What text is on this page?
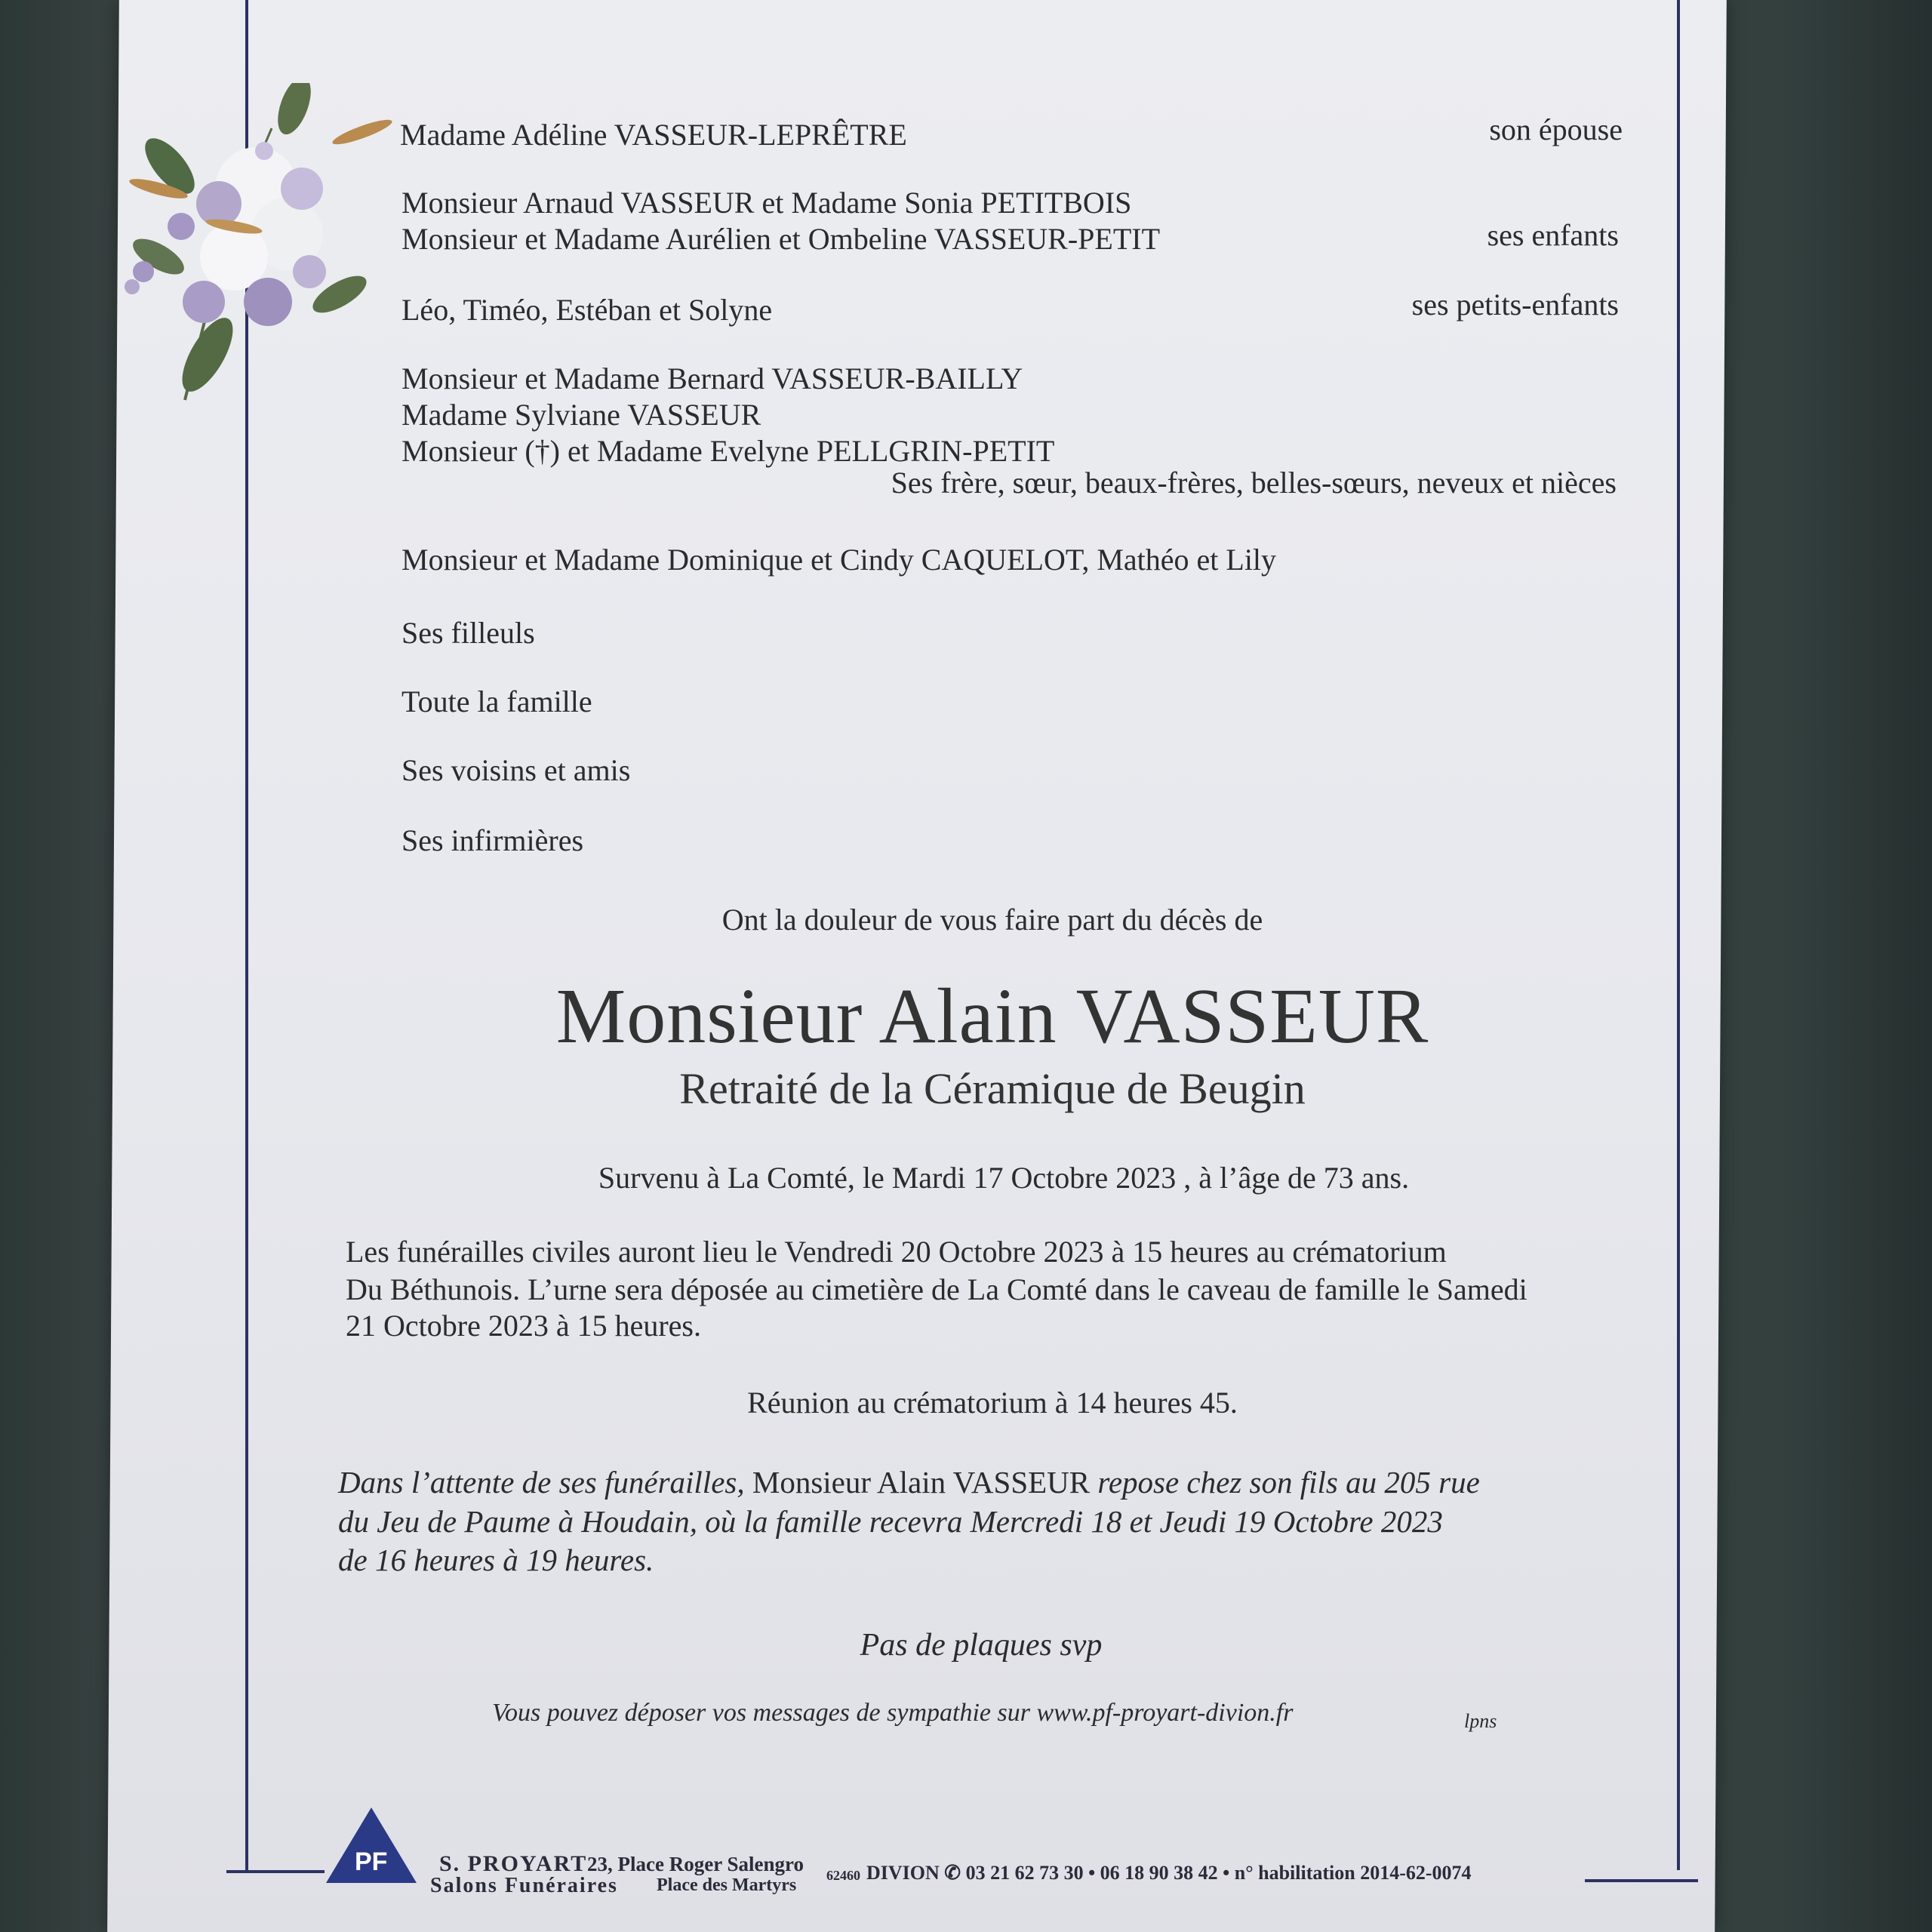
Madame Adéline VASSEUR-LEPRÊTRE	son épouse
Monsieur Arnaud VASSEUR et Madame Sonia PETITBOIS
Monsieur et Madame Aurélien et Ombeline VASSEUR-PETIT	ses enfants
Léo, Timéo, Estéban et Solyne	ses petits-enfants
Monsieur et Madame Bernard VASSEUR-BAILLY
Madame Sylviane VASSEUR
Monsieur (†) et Madame Evelyne PELLGRIN-PETIT
Ses frère, sœur, beaux-frères, belles-sœurs, neveux et nièces
Monsieur et Madame Dominique et Cindy CAQUELOT, Mathéo et Lily
Ses filleuls
Toute la famille
Ses voisins et amis
Ses infirmières
Ont la douleur de vous faire part du décès de
Monsieur Alain VASSEUR
Retraité de la Céramique de Beugin
Survenu à La Comté, le Mardi 17 Octobre 2023 , à l’âge de 73 ans.
Les funérailles civiles auront lieu le Vendredi 20 Octobre 2023 à 15 heures au crématorium
Du Béthunois. L’urne sera déposée au cimetière de La Comté dans le caveau de famille le Samedi
21 Octobre 2023 à 15 heures.
Réunion au crématorium à 14 heures 45.
Dans l’attente de ses funérailles, Monsieur Alain VASSEUR repose chez son fils au 205 rue
du Jeu de Paume à Houdain, où la famille recevra Mercredi 18 et Jeudi 19 Octobre 2023
de 16 heures à 19 heures.
Pas de plaques svp
Vous pouvez déposer vos messages de sympathie sur www.pf-proyart-divion.fr	lpns
PF S. PROYART 23, Place Roger Salengro
Salons Funéraires Place des Martyrs 62460 DIVION ✆ 03 21 62 73 30 • 06 18 90 38 42 • n° habilitation 2014-62-0074
